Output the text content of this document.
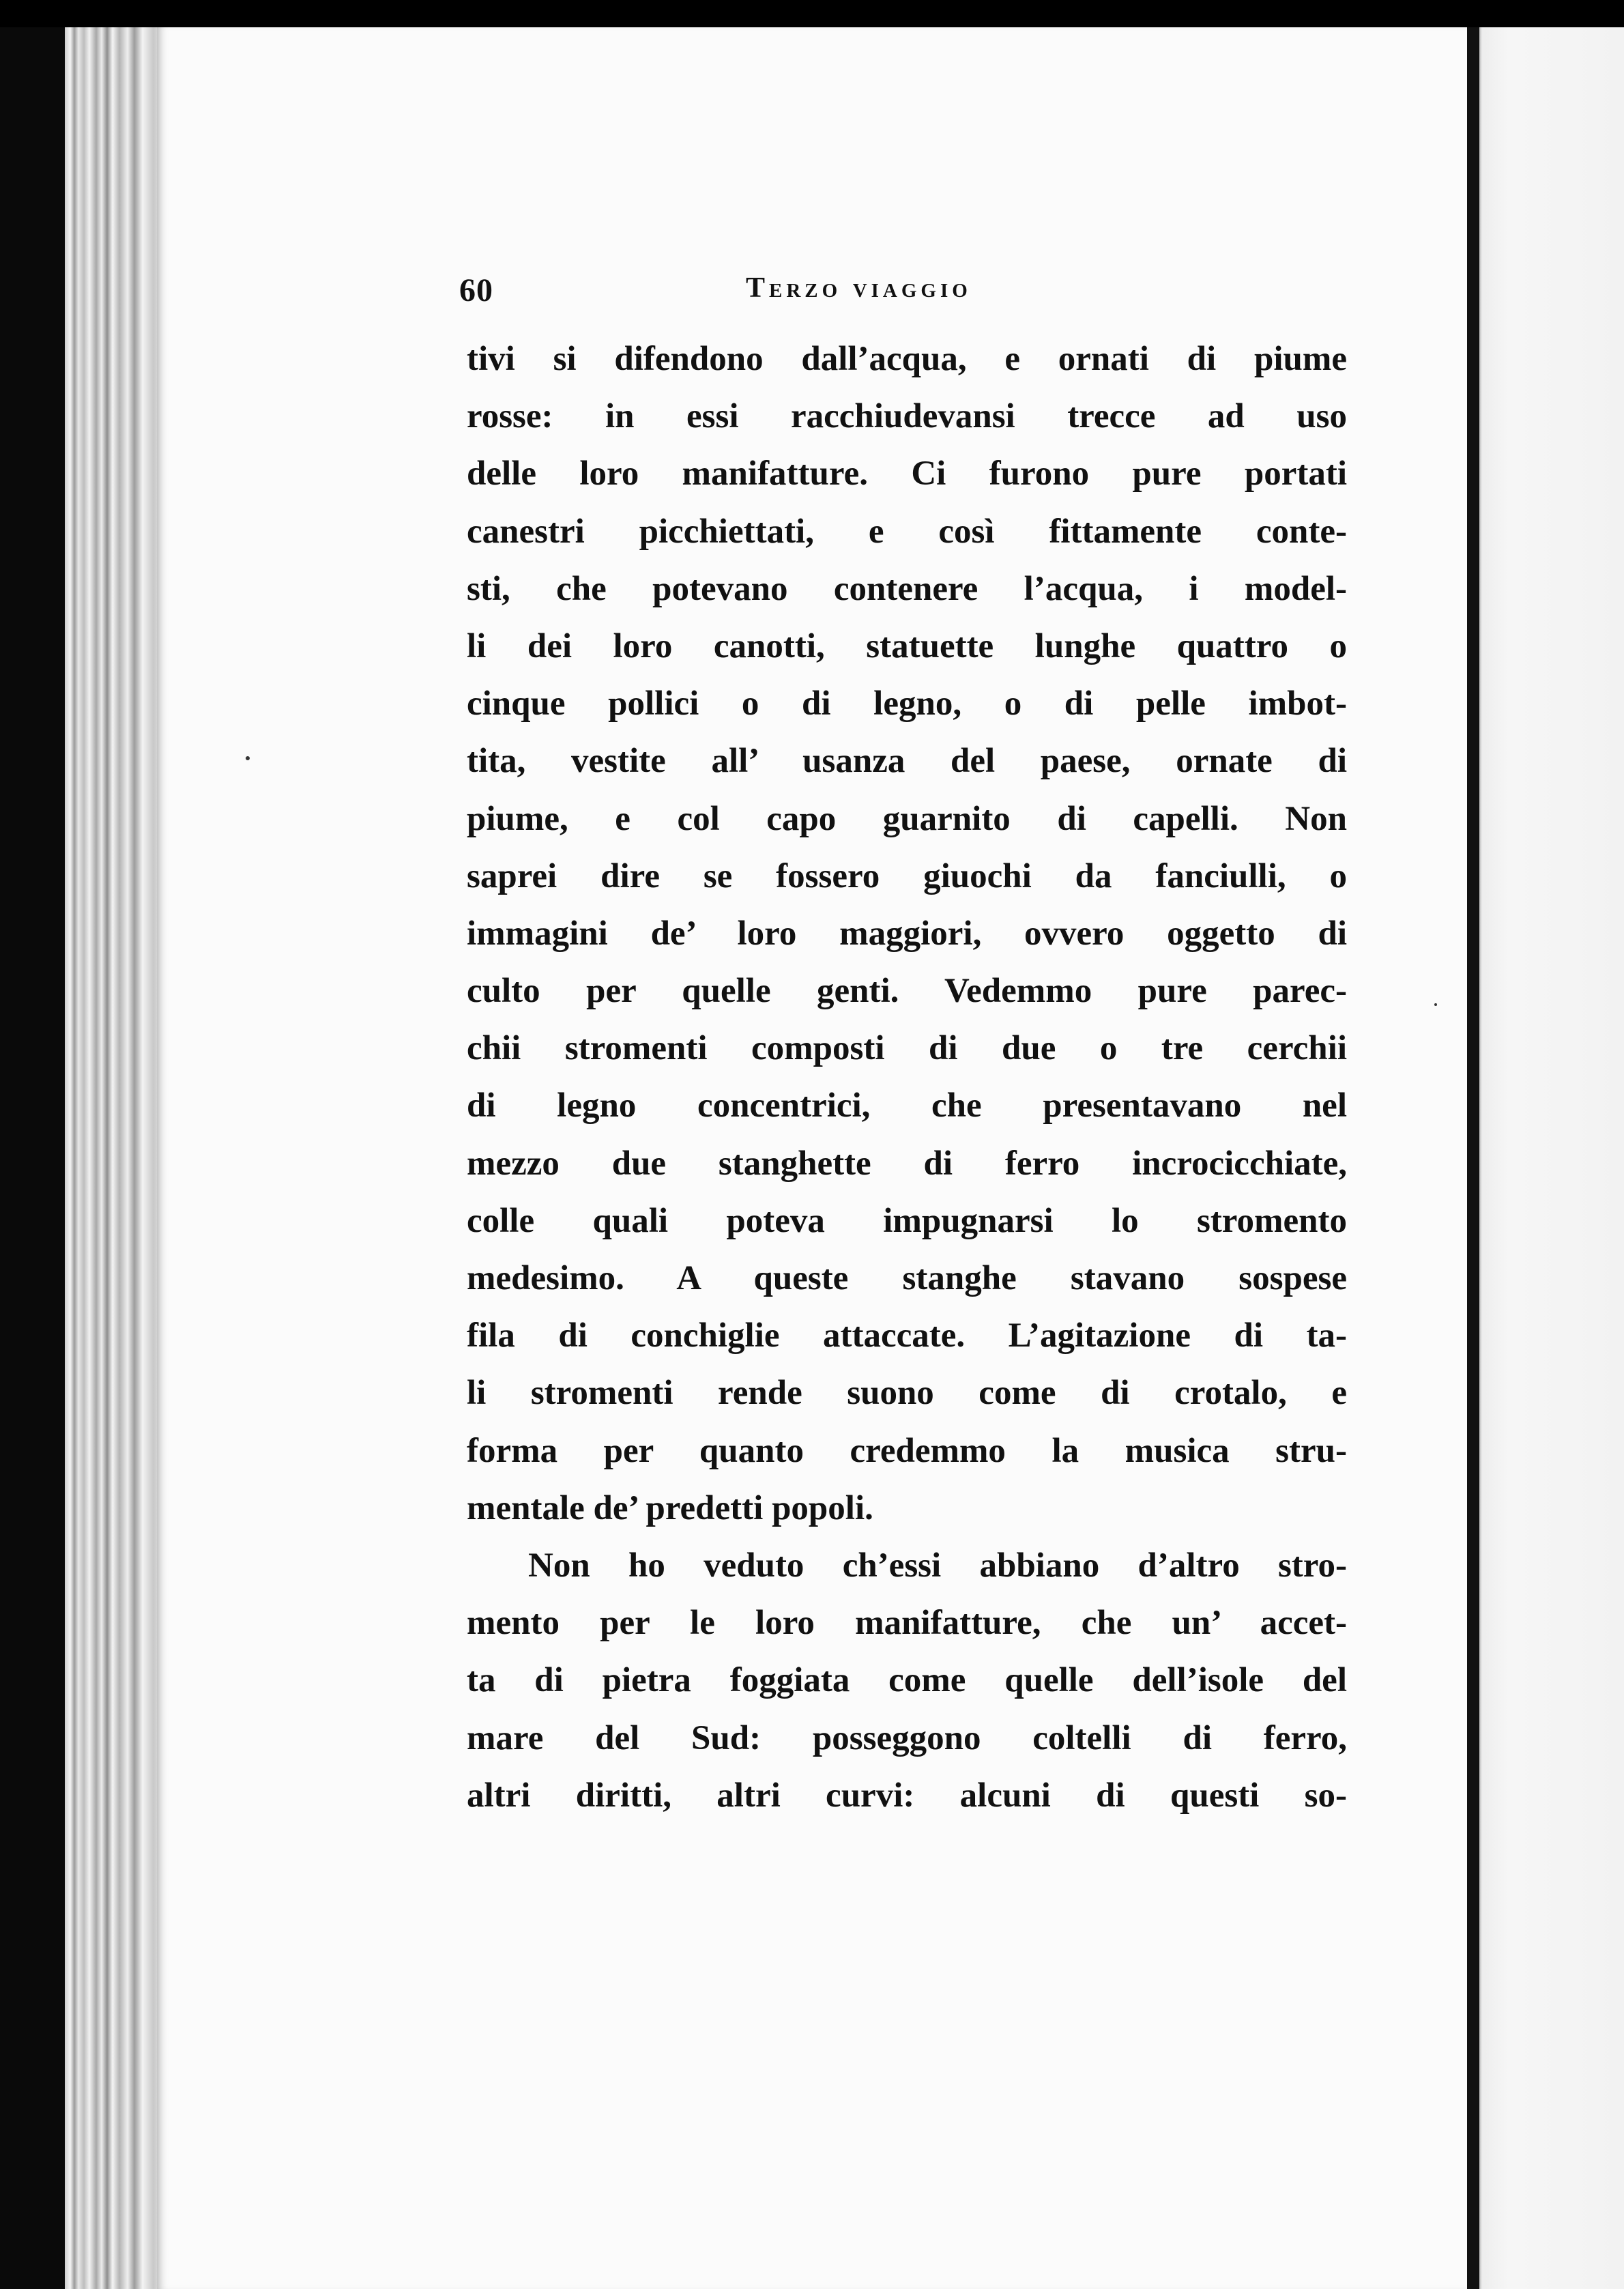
60	Terzo viaggio
tivi si difendono dall’acqua, e ornati di piume
rosse: in essi racchiudevansi trecce ad uso
delle loro manifatture. Ci furono pure portati
canestri picchiettati, e così fittamente conte-
sti, che potevano contenere l’acqua, i model-
li dei loro canotti, statuette lunghe quattro o
cinque pollici o di legno, o di pelle imbot-
tita, vestite all’ usanza del paese, ornate di
piume, e col capo guarnito di capelli. Non
saprei dire se fossero giuochi da fanciulli, o
immagini de’ loro maggiori, ovvero oggetto di
culto per quelle genti. Vedemmo pure parec-
chii stromenti composti di due o tre cerchii
di legno concentrici, che presentavano nel
mezzo due stanghette di ferro incrocicchiate,
colle quali poteva impugnarsi lo stromento
medesimo. A queste stanghe stavano sospese
fila di conchiglie attaccate. L’agitazione di ta-
li stromenti rende suono come di crotalo, e
forma per quanto credemmo la musica stru-
mentale de’ predetti popoli.
Non ho veduto ch’essi abbiano d’altro stro-
mento per le loro manifatture, che un’ accet-
ta di pietra foggiata come quelle dell’isole del
mare del Sud: posseggono coltelli di ferro,
altri diritti, altri curvi: alcuni di questi so-
